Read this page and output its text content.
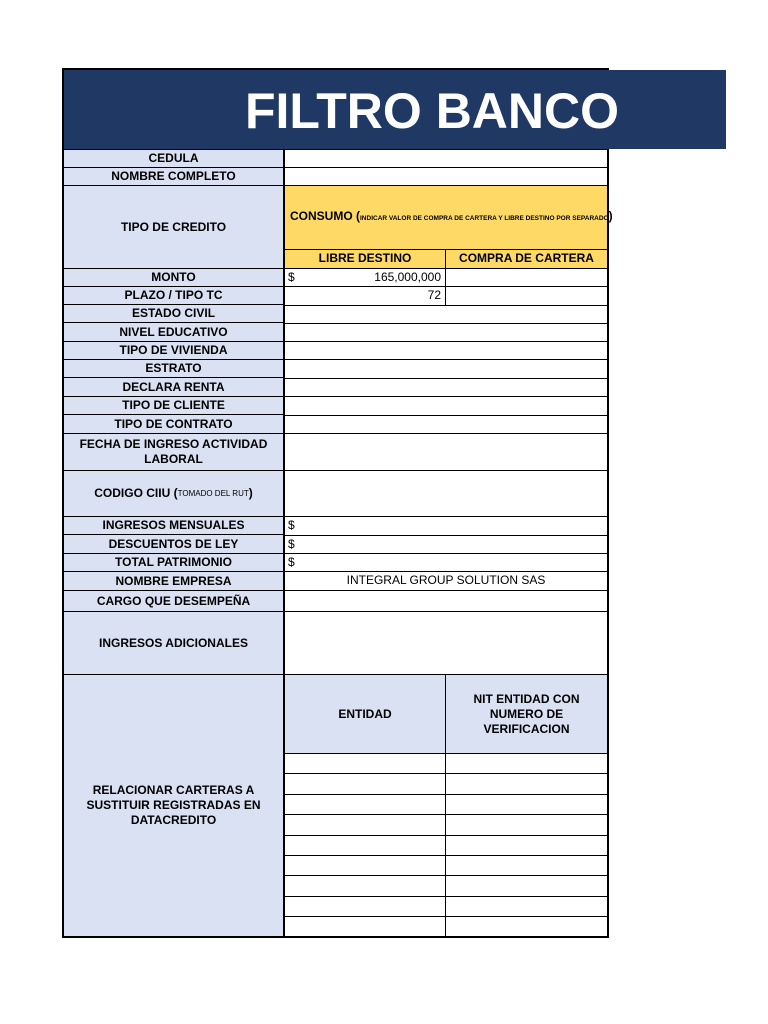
FILTRO BANCO
CEDULA
NOMBRE COMPLETO
TIPO DE CREDITO
MONTO
PLAZO / TIPO TC
ESTADO CIVIL
NIVEL EDUCATIVO
TIPO DE VIVIENDA
ESTRATO
DECLARA RENTA
TIPO DE CLIENTE
TIPO DE CONTRATO
FECHA DE INGRESO ACTIVIDAD LABORAL
CODIGO CIIU ( TOMADO DEL RUT )
INGRESOS MENSUALES
DESCUENTOS DE LEY
TOTAL PATRIMONIO
NOMBRE EMPRESA
CARGO QUE DESEMPEÑA
INGRESOS ADICIONALES
RELACIONAR CARTERAS A SUSTITUIR REGISTRADAS EN DATACREDITO
CONSUMO (INDICAR VALOR DE COMPRA DE CARTERA Y LIBRE DESTINO POR SEPARADO)
LIBRE DESTINO	COMPRA DE CARTERA
$	165,000,000
72
$
$
$
INTEGRAL GROUP SOLUTION SAS
ENTIDAD
NIT ENTIDAD CON NUMERO DE VERIFICACION
